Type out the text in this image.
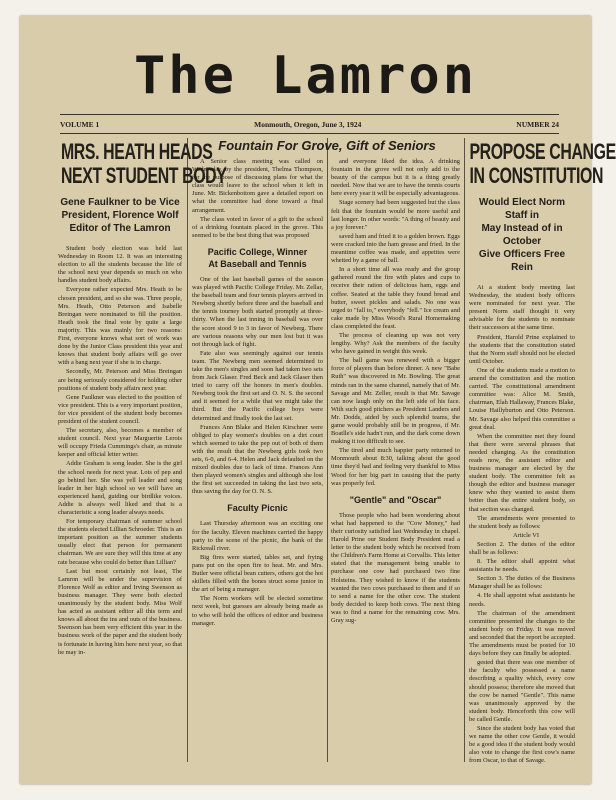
The Lamron
VOLUME 1	Monmouth, Oregon, June 3, 1924	NUMBER 24
MRS. HEATH HEADS
NEXT STUDENT BODY
Gene Faulkner to be Vice
President, Florence Wolf
Editor of The Lamron

Student body election was held last Wednesday in Room 12. It was an interesting election to all the students because the life of the school next year depends so much on who handles student body affairs.

Everyone rather expected Mrs. Heath to be chosen president, and so she was. Three people, Mrs. Heath, Otto Peterson and Isabelle Breingan were nominated to fill the position. Heath took the final vote by quite a large majority. This was mainly for two reasons: First, everyone knows what sort of work was done by the Junior Class president this year and knows that student body affairs will go over with a bang next year if she is in charge.

Secondly, Mr. Peterson and Miss Breingan are being seriously considered for holding other positions of student body affairs next year.

Gene Faulkner was elected to the position of vice president. This is a very important position, for vice president of the student body becomes president of the student council.

The secretary, also, becomes a member of student council. Next year Marguerite Lerois will occupy Frieda Cummings's chair, as minute keeper and official letter writer.

Addie Graham is song leader. She is the girl the school needs for next year. Lots of pep and go behind her. She was yell leader and song leader in her high school so we will have an experienced hand, guiding our birdlike voices. Addie is always well liked and that is a characteristic a song leader always needs.

For temporary chairman of summer school the students elected Lillian Schroeder. This is an important position as the summer students usually elect that person for permanent chairman. We are sure they will this time at any rate because who could do better than Lillian?

Last but most certainly not least, The Lamron will be under the supervision of Florence Wolf as editor and Irving Swenson as business manager. They were both elected unanimously by the student body. Miss Wolf has acted as assistant editor all this term and knows all about the ins and outs of the business. Swenson has been very efficient this year in the business work of the paper and the student body is fortunate in having him here next year, so that he may in-

Fountain For Grove, Gift of Seniors

A Senior class meeting was called on Wednesday, by the president, Thelma Thompson, for the purpose of discussing plans for what the class would leave to the school when it left in June. Mr. Bickenbottom gave a detailed report on what the committee had done toward a final arrangement.

The class voted in favor of a gift to the school of a drinking fountain placed in the grove. This seemed to be the best thing that was proposed

Pacific College, Winner
At Baseball and Tennis

One of the last baseball games of the season was played with Pacific College Friday. Mr. Zellar, the baseball team and four tennis players arrived in Newberg shortly before three and the baseball and the tennis tourney both started promptly at three-thirty. When the last inning in baseball was over the score stood 9 to 3 in favor of Newberg. There are various reasons why our men lost but it was not through lack of fight.

Fate also was seemingly against our tennis team. The Newberg men seemed determined to take the men's singles and soon had taken two sets from Jack Glaser. Fred Beck and Jack Glaser then tried to carry off the honors in men's doubles. Newberg took the first set and O. N. S. the second and it seemed for a while that we might take the third. But the Pacific college boys were determined and finally took the last set.

Frances Ann Blake and Helen Kirschner were obliged to play women's doubles on a dirt court which seemed to take the pep out of both of them with the result that the Newberg girls took two sets, 6-0, and 6-4. Helen and Jack defaulted on the mixed doubles due to lack of time. Frances Ann then played women's singles and although she lost the first set succeeded in taking the last two sets, thus saving the day for O. N. S.

Faculty Picnic

Last Thursday afternoon was an exciting one for the faculty. Eleven machines carried the happy party to the scene of the picnic, the bank of the Rickreall river.

Big fires were started, tables set, and frying pans put on the open fire to heat. Mr. and Mrs. Butler were official bean cutters, others got the hot skillets filled with the bones struct some junior in the art of being a manager.

The Norm workers will be elected sometime next week, but guesses are already being made as to who will hold the offices of editor and business manager.

and everyone liked the idea. A drinking fountain in the grove will not only add to the beauty of the campus but it is a thing greatly needed. Now that we are to have the tennis courts here every year it will be especially advantageous.

Stage scenery had been suggested but the class felt that the fountain would be more useful and last longer. In other words: "A thing of beauty and a joy forever."

saved ham and fried it to a golden brown. Eggs were cracked into the ham grease and fried. In the meantime coffee was made, and appetites were whetted by a game of ball.

In a short time all was ready and the group gathered round the fire with plates and cups to receive their ration of delicious ham, eggs and coffee. Seated at the table they found bread and butter, sweet pickles and salads. No one was urged to "fall to," everybody "fell." Ice cream and cake made by Miss Wood's Rural Homemaking class completed the feast.

The process of cleaning up was not very lengthy. Why? Ask the members of the faculty who have gained in weight this week.

The ball game was renewed with a bigger force of players than before dinner. A new "Babe Ruth" was discovered in Mr. Bowling. The great minds ran in the same channel, namely that of Mr. Savage and Mr. Zeller, result is that Mr. Savage can now laugh only on the left side of his face. With such good pitchers as President Landers and Mr. Dodds, aided by such splendid teams, the game would probably still be in progress, if Mr. Boatlle's side hadn't run, and the dark come down making it too difficult to see.

The tired and much happier party returned to Monmouth about 8:30, talking about the good time they'd had and feeling very thankful to Miss Wood for her big part in causing that the party was properly fed.

"Gentle" and "Oscar"

Those people who had been wondering about what had happened to the "Cow Money," had their curiosity satisfied last Wednesday in chapel. Harold Prine our Student Body President read a letter to the student body which he received from the Children's Farm Home at Corvallis. This letter stated that the management being unable to purchase one cow had purchased two fine Holsteins. They wished to know if the students wanted the two cows purchased to them and if so to send a name for the other cow. The student body decided to keep both cows. The next thing was to find a name for the remaining cow. Mrs. Gray sug-

PROPOSE CHANGE
IN CONSTITUTION
Would Elect Norm Staff in
May Instead of in October
Give Officers Free Rein

At a student body meeting last Wednesday, the student body officers were nominated for next year. The present Norm staff thought it very advisable for the students to nominate their successors at the same time.

President, Harold Prine explained to the students that the constitution stated that the Norm staff should not be elected until October.

One of the students made a motion to amend the constitution and the motion carried. The constitutional amendment committee was: Alice M. Smith, chairman, Elah Hallaway, Frances Blake, Louise Haillyburton and Otto Peterson. Mr. Savage also helped this committee a great deal.

When the committee met they found that there were several phrases that needed changing. As the constitution reads now, the assistant editor and business manager are elected by the student body. The committee felt as though the editor and business manager knew who they wanted to assist them better than the entire student body, so that section was changed.

The amendments were presented to the student body as follows:

Article VI

Section 2. The duties of the editor shall be as follows:

8. The editor shall appoint what assistants he needs.

Section 3. The duties of the Business Manager shall be as follows:

4. He shall appoint what assistants he needs.

The chairman of the amendment committee presented the changes to the student body on Friday. It was moved and seconded that the report be accepted. The amendments must be posted for 10 days before they can finally be adopted.

gested that there was one member of the faculty who possessed a name describing a quality which, every cow should possess; therefore she moved that the cow be named "Gentle". This name was unanimously approved by the student body. Henceforth this cow will be called Gentle.

Since the student body has voted that we name the other cow Gentle, it would be a good idea if the student body would also vote to change the first cow's name from Oscar, to that of Savage.
